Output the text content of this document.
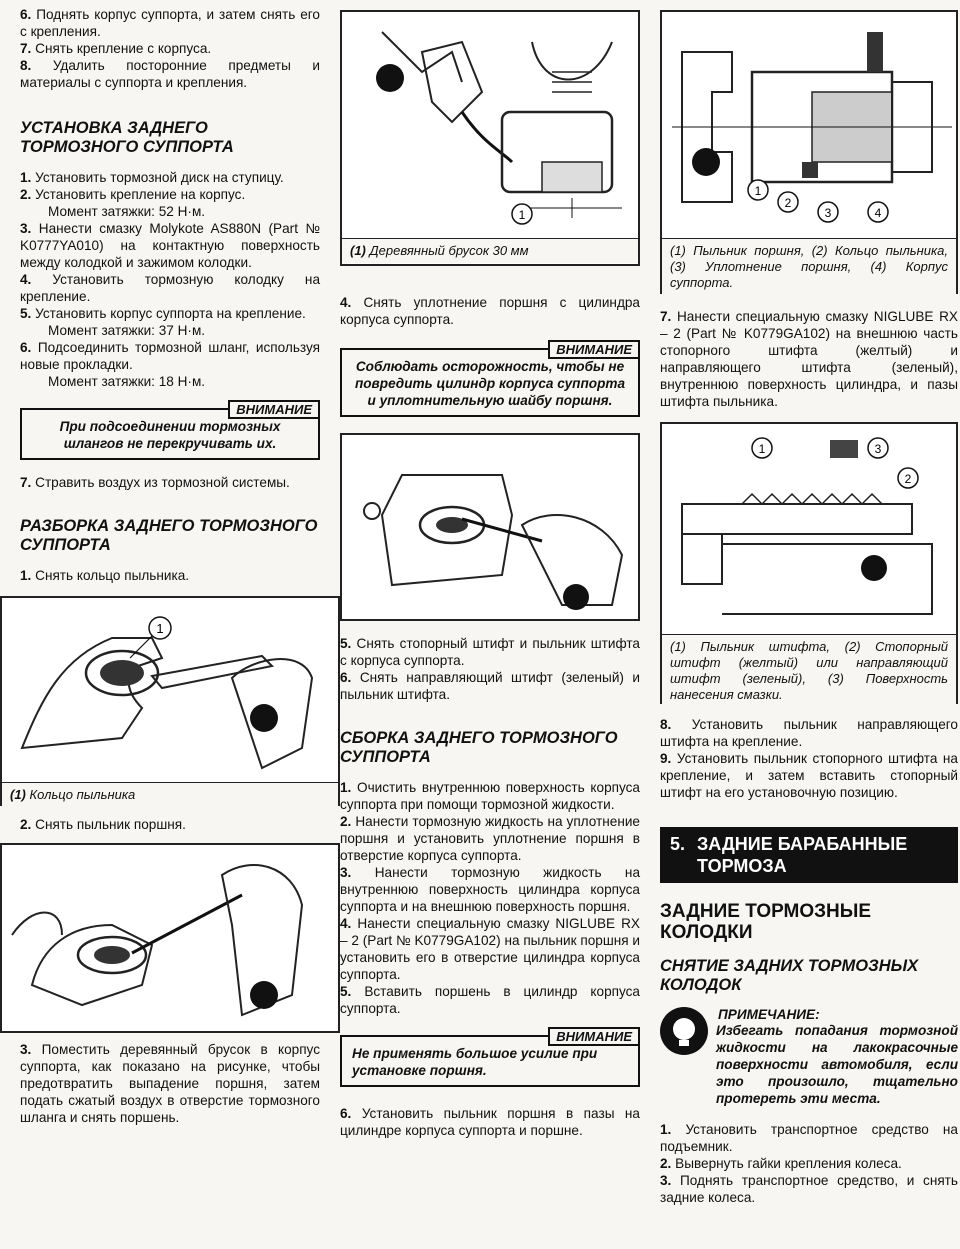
6. Поднять корпус суппорта, и затем снять его с крепления.

7. Снять крепление с корпуса.

8. Удалить посторонние предметы и материалы с суппорта и крепления.

УСТАНОВКА ЗАДНЕГО ТОРМОЗНОГО СУППОРТА

1. Установить тормозной диск на ступицу.

2. Установить крепление на корпус.

Момент затяжки: 52 Н·м.

3. Нанести смазку Molykote AS880N (Part № K0777YA010) на контактную поверхность между колодкой и зажимом колодки.

4. Установить тормозную колодку на крепление.

5. Установить корпус суппорта на крепление.

Момент затяжки: 37 Н·м.

6. Подсоединить тормозной шланг, используя новые прокладки.

Момент затяжки: 18 Н·м.

ВНИМАНИЕ

При подсоединении тормозных шлангов не перекручивать их.

7. Стравить воздух из тормозной системы.

РАЗБОРКА ЗАДНЕГО ТОРМОЗНОГО СУППОРТА

1. Снять кольцо пыльника.

1
(1) Кольцо пыльника

2. Снять пыльник поршня.

3. Поместить деревянный брусок в корпус суппорта, как показано на рисунке, чтобы предотвратить выпадение поршня, затем подать сжатый воздух в отверстие тормозного шланга и снять поршень.

1
(1) Деревянный брусок 30 мм

4. Снять уплотнение поршня с цилиндра корпуса суппорта.

ВНИМАНИЕ

Соблюдать осторожность, чтобы не повредить цилиндр корпуса суппорта и уплотнительную шайбу поршня.

5. Снять стопорный штифт и пыльник штифта с корпуса суппорта.

6. Снять направляющий штифт (зеленый) и пыльник штифта.

СБОРКА ЗАДНЕГО ТОРМОЗНОГО СУППОРТА

1. Очистить внутреннюю поверхность корпуса суппорта при помощи тормозной жидкости.

2. Нанести тормозную жидкость на уплотнение поршня и установить уплотнение поршня в отверстие корпуса суппорта.

3. Нанести тормозную жидкость на внутреннюю поверхность цилиндра корпуса суппорта и на внешнюю поверхность поршня.

4. Нанести специальную смазку NIGLUBE RX – 2 (Part № K0779GA102) на пыльник поршня и установить его в отверстие цилиндра корпуса суппорта.

5. Вставить поршень в цилиндр корпуса суппорта.

ВНИМАНИЕ

Не применять большое усилие при установке поршня.

6. Установить пыльник поршня в пазы на цилиндре корпуса суппорта и поршне.

1
2
3	4
(1) Пыльник поршня, (2) Кольцо пыльника, (3) Уплотнение поршня, (4) Корпус суппорта.

7. Нанести специальную смазку NIGLUBE RX – 2 (Part № K0779GA102) на внешнюю часть стопорного штифта (желтый) и направляющего штифта (зеленый), внутреннюю поверхность цилиндра, и пазы штифта пыльника.

3
1
2
(1) Пыльник штифта, (2) Стопорный штифт (желтый) или направляющий штифт (зеленый), (3) Поверхность нанесения смазки.

8. Установить пыльник направляющего штифта на крепление.

9. Установить пыльник стопорного штифта на крепление, и затем вставить стопорный штифт на его установочную позицию.

5. ЗАДНИЕ БАРАБАННЫЕ ТОРМОЗА
ЗАДНИЕ ТОРМОЗНЫЕ КОЛОДКИ
СНЯТИЕ ЗАДНИХ ТОРМОЗНЫХ КОЛОДОК
ПРИМЕЧАНИЕ:

Избегать попадания тормозной жидкости на лакокрасочные поверхности автомобиля, если это произошло, тщательно протереть эти места.

1. Установить транспортное средство на подъемник.

2. Вывернуть гайки крепления колеса.

3. Поднять транспортное средство, и снять задние колеса.
